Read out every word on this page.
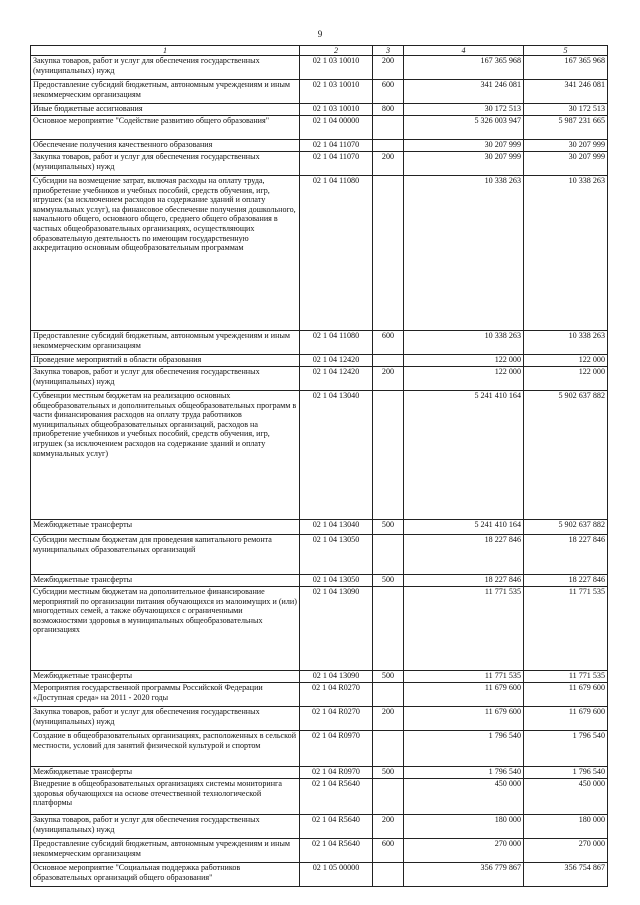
9
1	2	3	4	5
Закупка товаров, работ и услуг для обеспечения государственных (муниципальных) нужд	02 1 03 10010	200	167 365 968	167 365 968
Предоставление субсидий бюджетным, автономным учреждениям и иным некоммерческим организациям	02 1 03 10010	600	341 246 081	341 246 081
Иные бюджетные ассигнования	02 1 03 10010	800	30 172 513	30 172 513
Основное мероприятие "Содействие развитию общего образования"	02 1 04 00000		5 326 003 947	5 987 231 665
Обеспечение получения качественного образования	02 1 04 11070		30 207 999	30 207 999
Закупка товаров, работ и услуг для обеспечения государственных (муниципальных) нужд	02 1 04 11070	200	30 207 999	30 207 999
Субсидии на возмещение затрат, включая расходы на оплату труда, приобретение учебников и учебных пособий, средств обучения, игр, игрушек (за исключением расходов на содержание зданий и оплату коммунальных услуг), на финансовое обеспечение получения дошкольного, начального общего, основного общего, среднего общего образования в частных общеобразовательных организациях, осуществляющих образовательную деятельность по имеющим государственную аккредитацию основным общеобразовательным программам	02 1 04 11080		10 338 263	10 338 263
Предоставление субсидий бюджетным, автономным учреждениям и иным некоммерческим организациям	02 1 04 11080	600	10 338 263	10 338 263
Проведение мероприятий в области образования	02 1 04 12420		122 000	122 000
Закупка товаров, работ и услуг для обеспечения государственных (муниципальных) нужд	02 1 04 12420	200	122 000	122 000
Субвенции местным бюджетам на реализацию основных общеобразовательных и дополнительных общеобразовательных программ в части финансирования расходов на оплату труда работников муниципальных общеобразовательных организаций, расходов на приобретение учебников и учебных пособий, средств обучения, игр, игрушек (за исключением расходов на содержание зданий и оплату коммунальных услуг)	02 1 04 13040		5 241 410 164	5 902 637 882
Межбюджетные трансферты	02 1 04 13040	500	5 241 410 164	5 902 637 882
Субсидии местным бюджетам для проведения капитального ремонта муниципальных образовательных организаций	02 1 04 13050		18 227 846	18 227 846
Межбюджетные трансферты	02 1 04 13050	500	18 227 846	18 227 846
Субсидии местным бюджетам на дополнительное финансирование мероприятий по организации питания обучающихся из малоимущих и (или) многодетных семей, а также обучающихся с ограниченными возможностями здоровья в муниципальных общеобразовательных организациях	02 1 04 13090		11 771 535	11 771 535
Межбюджетные трансферты	02 1 04 13090	500	11 771 535	11 771 535
Мероприятия государственной программы Российской Федерации «Доступная среда» на 2011 - 2020 годы	02 1 04 R0270		11 679 600	11 679 600
Закупка товаров, работ и услуг для обеспечения государственных (муниципальных) нужд	02 1 04 R0270	200	11 679 600	11 679 600
Создание в общеобразовательных организациях, расположенных в сельской местности, условий для занятий физической культурой и спортом	02 1 04 R0970		1 796 540	1 796 540
Межбюджетные трансферты	02 1 04 R0970	500	1 796 540	1 796 540
Внедрение в общеобразовательных организациях системы мониторинга здоровья обучающихся на основе отечественной технологической платформы	02 1 04 R5640		450 000	450 000
Закупка товаров, работ и услуг для обеспечения государственных (муниципальных) нужд	02 1 04 R5640	200	180 000	180 000
Предоставление субсидий бюджетным, автономным учреждениям и иным некоммерческим организациям	02 1 04 R5640	600	270 000	270 000
Основное мероприятие "Социальная поддержка работников образовательных организаций общего образования"	02 1 05 00000		356 779 867	356 754 867
